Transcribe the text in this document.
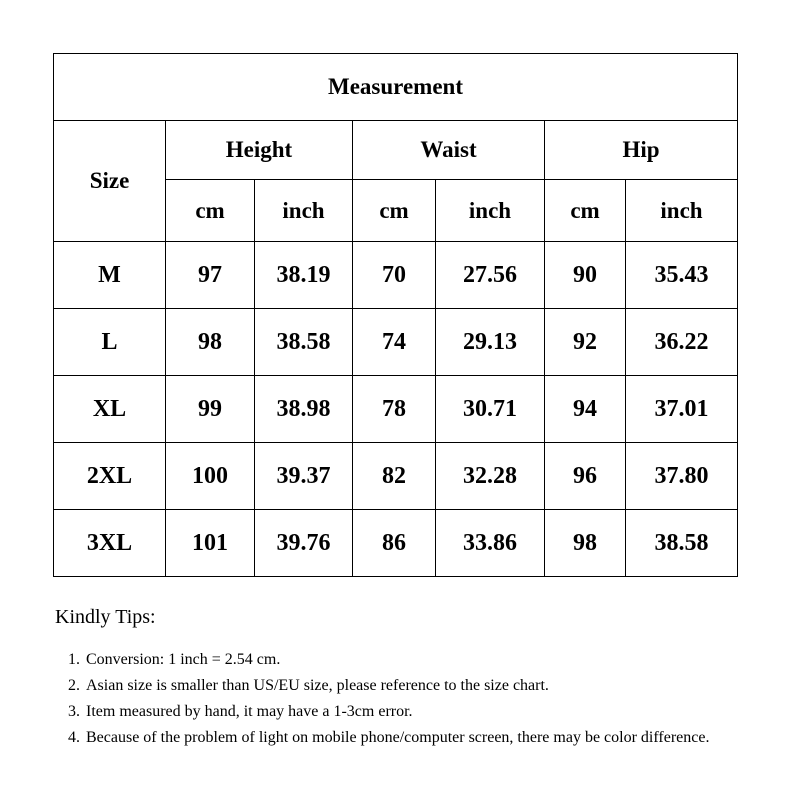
Measurement						
Size	Height		Waist		Hip	
	cm	inch	cm	inch	cm	inch
M	97	38.19	70	27.56	90	35.43
L	98	38.58	74	29.13	92	36.22
XL	99	38.98	78	30.71	94	37.01
2XL	100	39.37	82	32.28	96	37.80
3XL	101	39.76	86	33.86	98	38.58

Kindly Tips:

1. Conversion: 1 inch = 2.54 cm.
2. Asian size is smaller than US/EU size, please reference to the size chart.
3. Item measured by hand, it may have a 1-3cm error.
4. Because of the problem of light on mobile phone/computer screen, there may be color difference.
